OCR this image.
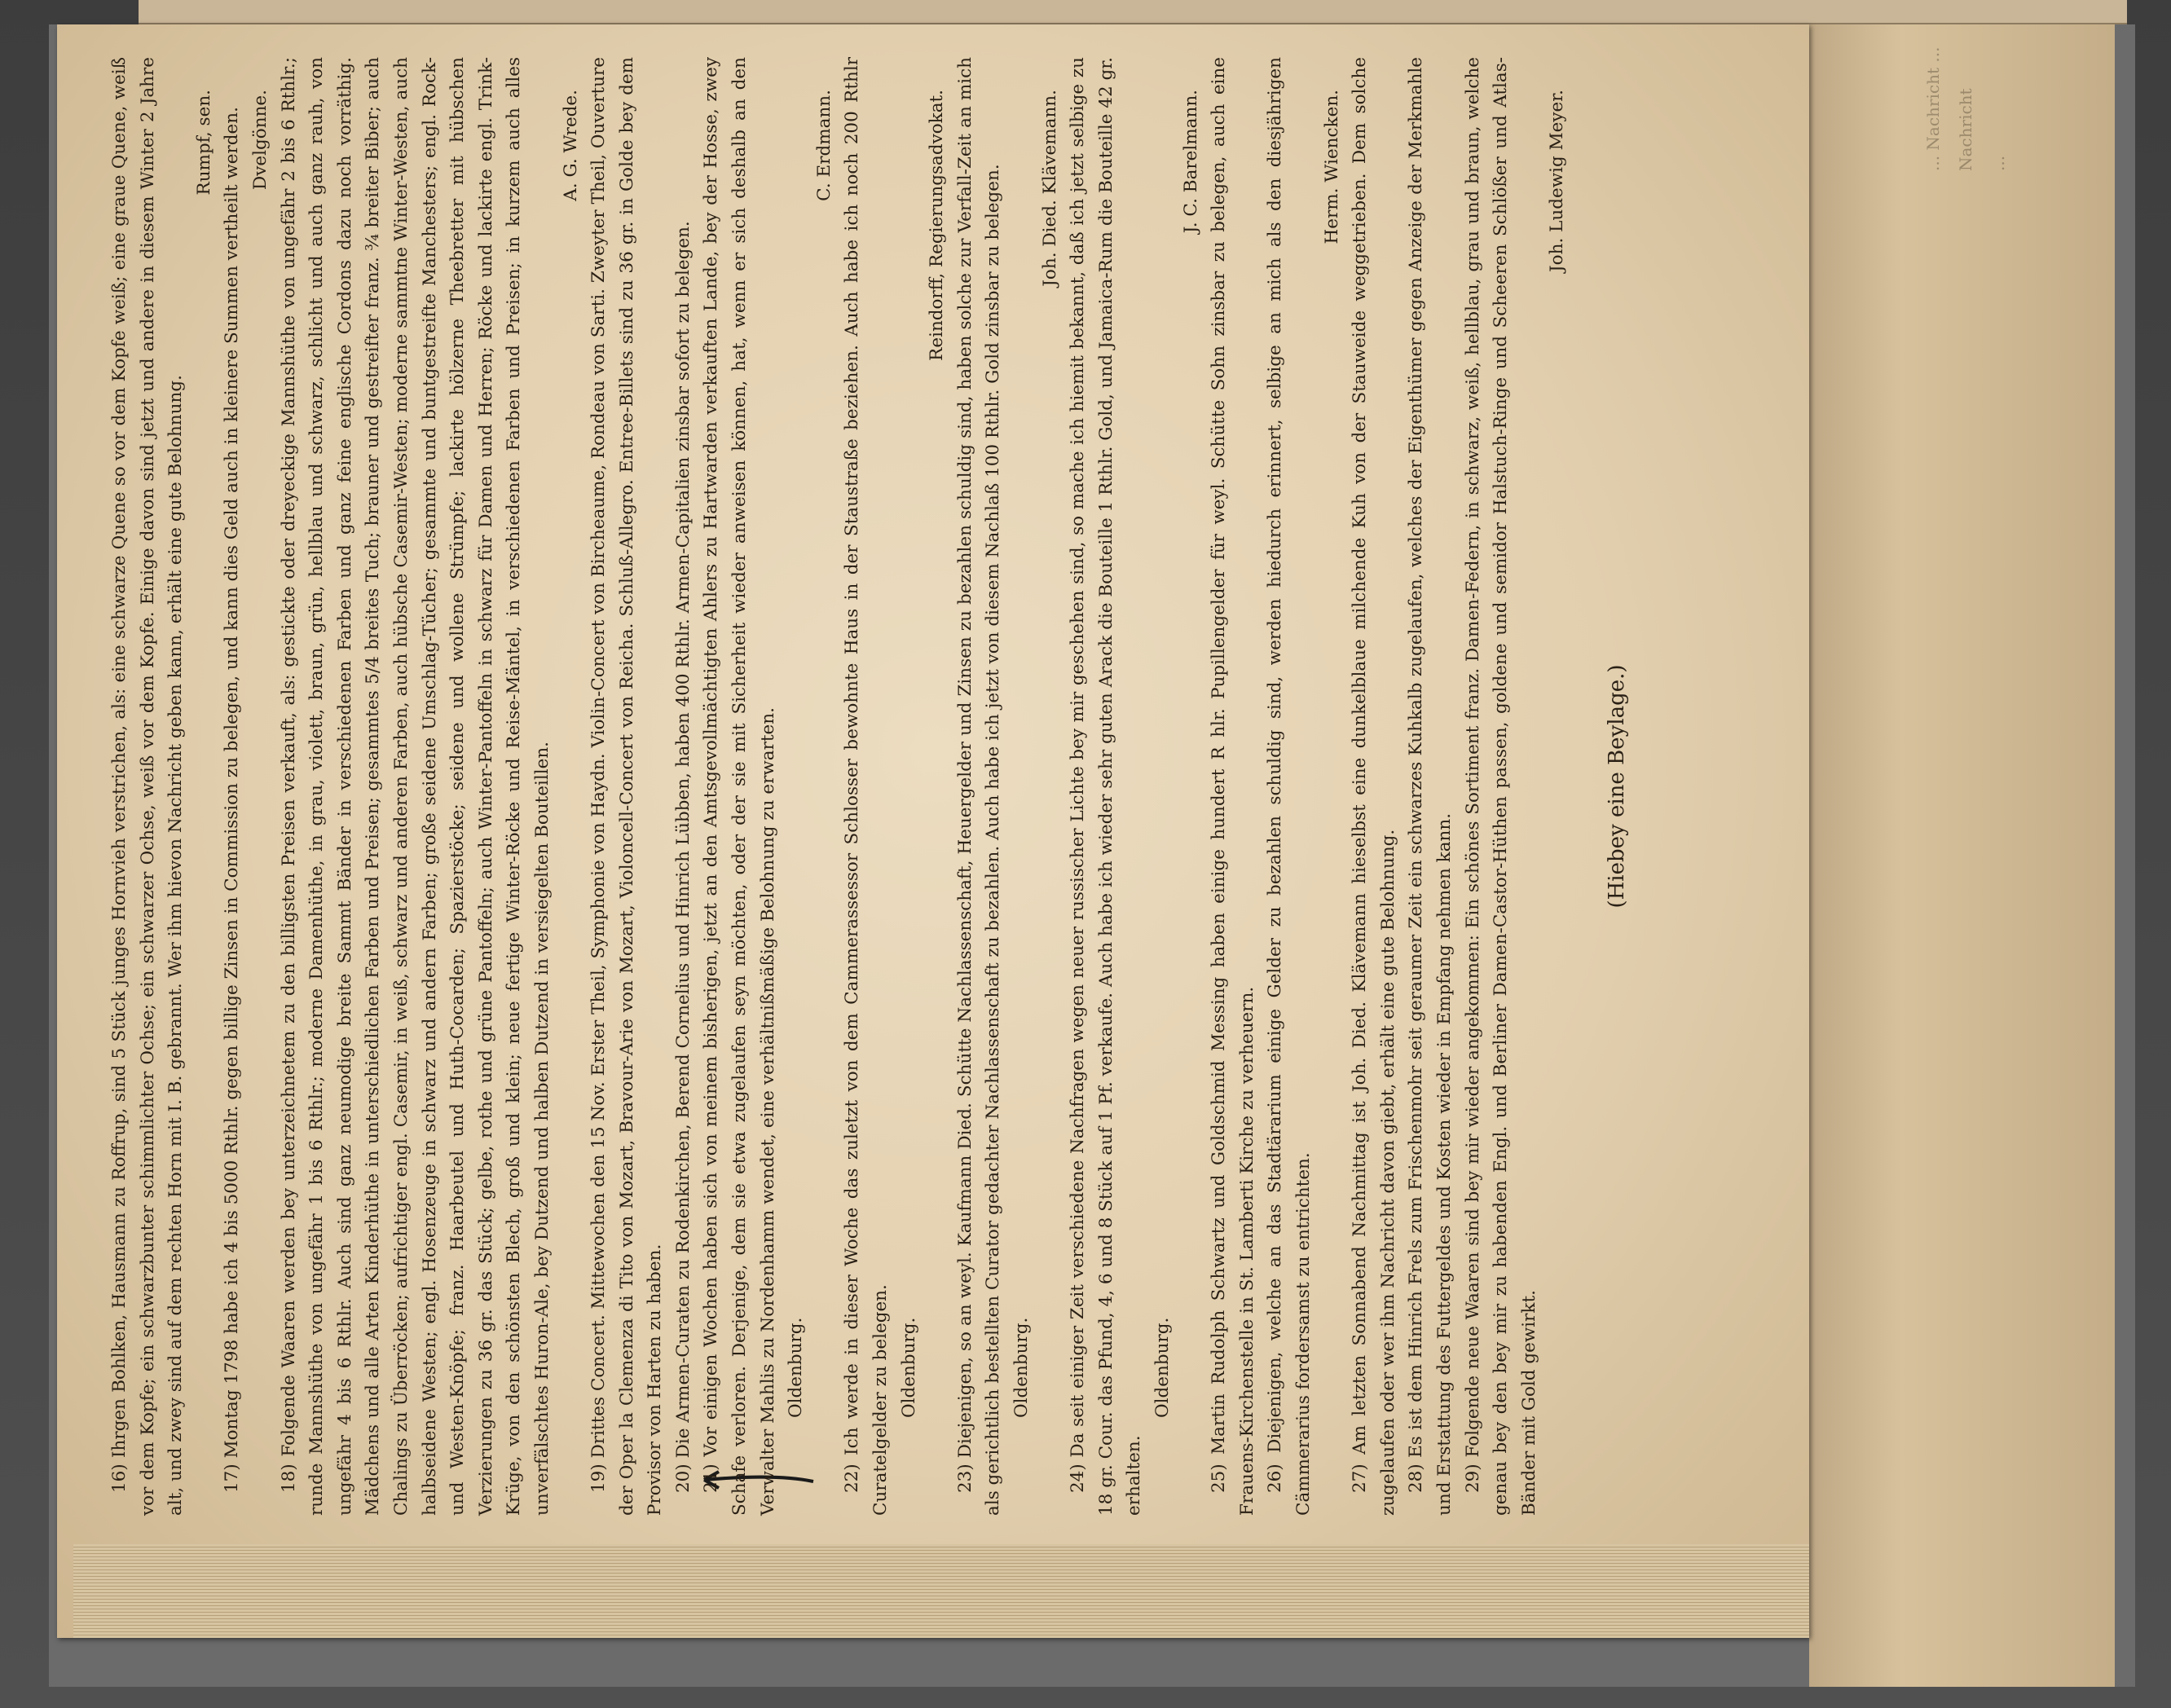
... Nachricht ... Nachricht ...

16) Ihrgen Bohlken, Hausmann zu Roffrup, sind 5 Stück junges Hornvieh verstrichen, als: eine schwarze Quene so vor dem Kopfe weiß; eine graue Quene, weiß vor dem Kopfe; ein schwarzbunter schimmlichter Ochse; ein schwarzer Ochse, weiß vor dem Kopfe. Einige davon sind jetzt und andere in diesem Winter 2 Jahre alt, und zwey sind auf dem rechten Horn mit I. B. gebrannt. Wer ihm hievon Nachricht geben kann, erhält eine gute Belohnung.

Rumpf, sen. 17) Montag 1798 habe ich 4 bis 5000 Rthlr. gegen billige Zinsen in Commission zu belegen, und kann dies Geld auch in kleinere Summen vertheilt werden. Dvelgönne. 18) Folgende Waaren werden bey unterzeichnetem zu den billigsten Preisen verkauft, als: gestickte oder dreyeckige Mannshüthe von ungefähr 2 bis 6 Rthlr.; runde Mannshüthe von ungefähr 1 bis 6 Rthlr.; moderne Damenhüthe, in grau, violett, braun, grün, hellblau und schwarz, schlicht und auch ganz rauh, von ungefähr 4 bis 6 Rthlr. Auch sind ganz neumodige breite Sammt Bänder in verschiedenen Farben und ganz feine englische Cordons dazu noch vorräthig. Mädchens und alle Arten Kinderhüthe in unterschiedlichen Farben und Preisen; gesammtes 5/4 breites Tuch; brauner und gestreifter franz. ¾ breiter Biber; auch Chalings zu Überröcken; aufrichtiger engl. Casemir, in weiß, schwarz und anderen Farben, auch hübsche Casemir-Westen; moderne sammtne Winter-Westen, auch halbseidene Westen; engl. Hosenzeuge in schwarz und andern Farben; große seidene Umschlag-Tücher; gesammte und buntgestreifte Manchesters; engl. Rock- und Westen-Knöpfe; franz. Haarbeutel und Huth-Cocarden; Spazierstöcke; seidene und wollene Strümpfe; lackirte hölzerne Theebretter mit hübschen Verzierungen zu 36 gr. das Stück; gelbe, rothe und grüne Pantoffeln; auch Winter-Pantoffeln in schwarz für Damen und Herren; Röcke und lackirte engl. Trink-Krüge, von den schönsten Blech, groß und klein; neue fertige Winter-Röcke und Reise-Mäntel, in verschiedenen Farben und Preisen; in kurzem auch alles unverfälschtes Huron-Ale, bey Dutzend und halben Dutzend in versiegelten Bouteillen.

A. G. Wrede. 19) Drittes Concert. Mittewochen den 15 Nov. Erster Theil, Symphonie von Haydn. Violin-Concert von Bircheaume, Rondeau von Sarti. Zweyter Theil, Ouverture der Oper la Clemenza di Tito von Mozart, Bravour-Arie von Mozart, Violoncell-Concert von Reicha. Schluß-Allegro. Entree-Billets sind zu 36 gr. in Golde bey dem Provisor von Harten zu haben. 20) Die Armen-Curaten zu Rodenkirchen, Berend Cornelius und Hinrich Lübben, haben 400 Rthlr. Armen-Capitalien zinsbar sofort zu belegen. 21) Vor einigen Wochen haben sich von meinem bisherigen, jetzt an den Amtsgevollmächtigten Ahlers zu Hartwarden verkauften Lande, bey der Hosse, zwey Schafe verloren. Derjenige, dem sie etwa zugelaufen seyn möchten, oder der sie mit Sicherheit wieder anweisen können, hat, wenn er sich deshalb an den Verwalter Mahlis zu Nordenhamm wendet, eine verhältnißmäßige Belohnung zu erwarten. Oldenburg.

C. Erdmann. 22) Ich werde in dieser Woche das zuletzt von dem Cammerassessor Schlosser bewohnte Haus in der Staustraße beziehen. Auch habe ich noch 200 Rthlr Curatelgelder zu belegen. Oldenburg.

Reindorff, Regierungsadvokat. 23) Diejenigen, so an weyl. Kaufmann Died. Schütte Nachlassenschaft, Heuergelder und Zinsen zu bezahlen schuldig sind, haben solche zur Verfall-Zeit an mich als gerichtlich bestellten Curator gedachter Nachlassenschaft zu bezahlen. Auch habe ich jetzt von diesem Nachlaß 100 Rthlr. Gold zinsbar zu belegen. Oldenburg.

Joh. Died. Klävemann. 24) Da seit einiger Zeit verschiedene Nachfragen wegen neuer russischer Lichte bey mir geschehen sind, so mache ich hiemit bekannt, daß ich jetzt selbige zu 18 gr. Cour. das Pfund, 4, 6 und 8 Stück auf 1 Pf. verkaufe. Auch habe ich wieder sehr guten Arack die Bouteille 1 Rthlr. Gold, und Jamaica-Rum die Bouteille 42 gr. erhalten.

Oldenburg.

J. C. Barelmann. 25) Martin Rudolph Schwartz und Goldschmid Messing haben einige hundert R hlr. Pupillengelder für weyl. Schütte Sohn zinsbar zu belegen, auch eine Frauens-Kirchenstelle in St. Lamberti Kirche zu verheuern. 26) Diejenigen, welche an das Stadtärarium einige Gelder zu bezahlen schuldig sind, werden hiedurch erinnert, selbige an mich als den diesjährigen Cämmerarius fordersamst zu entrichten.

Herm. Wiencken. 27) Am letzten Sonnabend Nachmittag ist Joh. Died. Klävemann hieselbst eine dunkelblaue milchende Kuh von der Stauweide weggetrieben. Dem solche zugelaufen oder wer ihm Nachricht davon giebt, erhält eine gute Belohnung. 28) Es ist dem Hinrich Frels zum Frischenmohr seit geraumer Zeit ein schwarzes Kuhkalb zugelaufen, welches der Eigenthümer gegen Anzeige der Merkmahle und Erstattung des Futtergeldes und Kosten wieder in Empfang nehmen kann. 29) Folgende neue Waaren sind bey mir wieder angekommen: Ein schönes Sortiment franz. Damen-Federn, in schwarz, weiß, hellblau, grau und braun, welche genau bey den bey mir zu habenden Engl. und Berliner Damen-Castor-Hüthen passen, goldene und semidor Halstuch-Ringe und Scheeren Schlößer und Atlas-Bänder mit Gold gewirkt.

Joh. Ludewig Meyer.

(Hiebey eine Beylage.)
